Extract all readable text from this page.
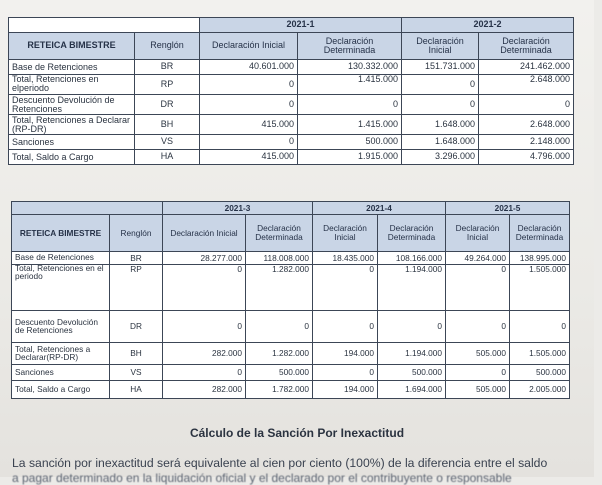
		2021-1		2021-2	
RETEICA BIMESTRE	Renglón	Declaración Inicial	Declaración Determinada	Declaración Inicial	Declaración Determinada
Base de Retenciones	BR	40.601.000	130.332.000	151.731.000	241.462.000
Total, Retenciones en elperiodo	RP	0	1.415.000	0	2.648.000
Descuento Devolución de Retenciones	DR	0	0	0	0
Total, Retenciones a Declarar (RP-DR)	BH	415.000	1.415.000	1.648.000	2.648.000
Sanciones	VS	0	500.000	1.648.000	2.148.000
Total, Saldo a Cargo	HA	415.000	1.915.000	3.296.000	4.796.000
		2021-3		2021-4		2021-5	
RETEICA BIMESTRE	Renglón	Declaración Inicial	Declaración Determinada	Declaración Inicial	Declaración Determinada	Declaración Inicial	Declaración Determinada
Base de Retenciones	BR	28.277.000	118.008.000	18.435.000	108.166.000	49.264.000	138.995.000
Total, Retenciones en el periodo	RP	0	1.282.000	0	1.194.000	0	1.505.000
Descuento Devolución de Retenciones	DR	0	0	0	0	0	0
Total, Retenciones a Declarar(RP-DR)	BH	282.000	1.282.000	194.000	1.194.000	505.000	1.505.000
Sanciones	VS	0	500.000	0	500.000	0	500.000
Total, Saldo a Cargo	HA	282.000	1.782.000	194.000	1.694.000	505.000	2.005.000
Cálculo de la Sanción Por Inexactitud
La sanción por inexactitud será equivalente al cien por ciento (100%) de la diferencia entre el saldo
a pagar determinado en la liquidación oficial y el declarado por el contribuyente o responsable
